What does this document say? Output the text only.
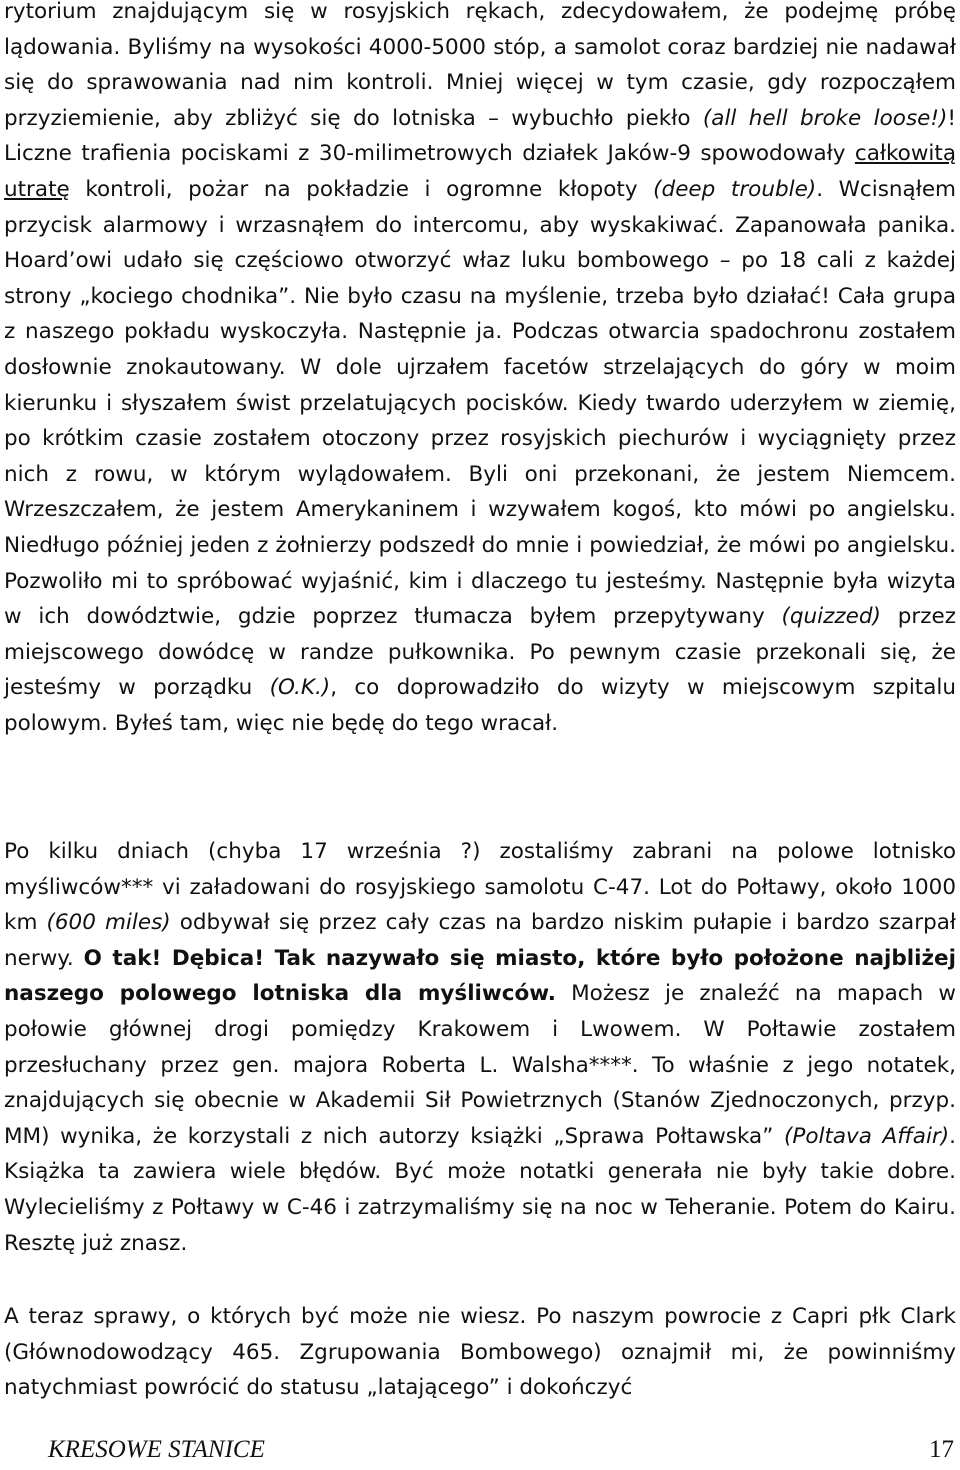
rytorium znajdującym się w rosyjskich rękach, zdecydowałem, że podejmę próbę lądowania. Byliśmy na wysokości 4000-5000 stóp, a samolot coraz bardziej nie nadawał się do sprawowania nad nim kontroli. Mniej więcej w tym czasie, gdy rozpocząłem przyziemienie, aby zbliżyć się do lotniska – wybuchło piekło (all hell broke loose!)! Liczne trafienia pociskami z 30-milimetrowych działek Jaków-9 spowodowały całkowitą utratę kontroli, pożar na pokładzie i ogromne kłopoty (deep trouble). Wcisnąłem przycisk alarmowy i wrzasnąłem do intercomu, aby wyskakiwać. Zapanowała panika. Hoard’owi udało się częściowo otworzyć właz luku bombowego – po 18 cali z każdej strony „kociego chodnika”. Nie było czasu na myślenie, trzeba było działać! Cała grupa z naszego pokładu wyskoczyła. Następnie ja. Podczas otwarcia spadochronu zostałem dosłownie znokautowany. W dole ujrzałem facetów strzelających do góry w moim kierunku i słyszałem świst przelatujących pocisków. Kiedy twardo uderzyłem w ziemię, po krótkim czasie zostałem otoczony przez rosyjskich piechurów i wyciągnięty przez nich z rowu, w którym wylądowałem. Byli oni przekonani, że jestem Niemcem. Wrzeszczałem, że jestem Amerykaninem i wzywałem kogoś, kto mówi po angielsku. Niedługo później jeden z żołnierzy podszedł do mnie i powiedział, że mówi po angielsku. Pozwoliło mi to spróbować wyjaśnić, kim i dlaczego tu jesteśmy. Następnie była wizyta w ich dowództwie, gdzie poprzez tłumacza byłem przepytywany (quizzed) przez miejscowego dowódcę w randze pułkownika. Po pewnym czasie przekonali się, że jesteśmy w porządku (O.K.), co doprowadziło do wizyty w miejscowym szpitalu polowym. Byłeś tam, więc nie będę do tego wracał.

Po kilku dniach (chyba 17 września ?) zostaliśmy zabrani na polowe lotnisko myśliwców*** vi załadowani do rosyjskiego samolotu C-47. Lot do Połtawy, około 1000 km (600 miles) odbywał się przez cały czas na bardzo niskim pułapie i bardzo szarpał nerwy. O tak! Dębica! Tak nazywało się miasto, które było położone najbliżej naszego polowego lotniska dla myśliwców. Możesz je znaleźć na mapach w połowie głównej drogi pomiędzy Krakowem i Lwowem. W Połtawie zostałem przesłuchany przez gen. majora Roberta L. Walsha****. To właśnie z jego notatek, znajdujących się obecnie w Akademii Sił Powietrznych (Stanów Zjednoczonych, przyp. MM) wynika, że korzystali z nich autorzy książki „Sprawa Połtawska” (Poltava Affair). Książka ta zawiera wiele błędów. Być może notatki generała nie były takie dobre. Wylecieliśmy z Połtawy w C-46 i zatrzymaliśmy się na noc w Teheranie. Potem do Kairu. Resztę już znasz.

A teraz sprawy, o których być może nie wiesz. Po naszym powrocie z Capri płk Clark (Głównodowodzący 465. Zgrupowania Bombowego) oznajmił mi, że powinniśmy natychmiast powrócić do statusu „latającego” i dokończyć

KRESOWE STANICE	17
